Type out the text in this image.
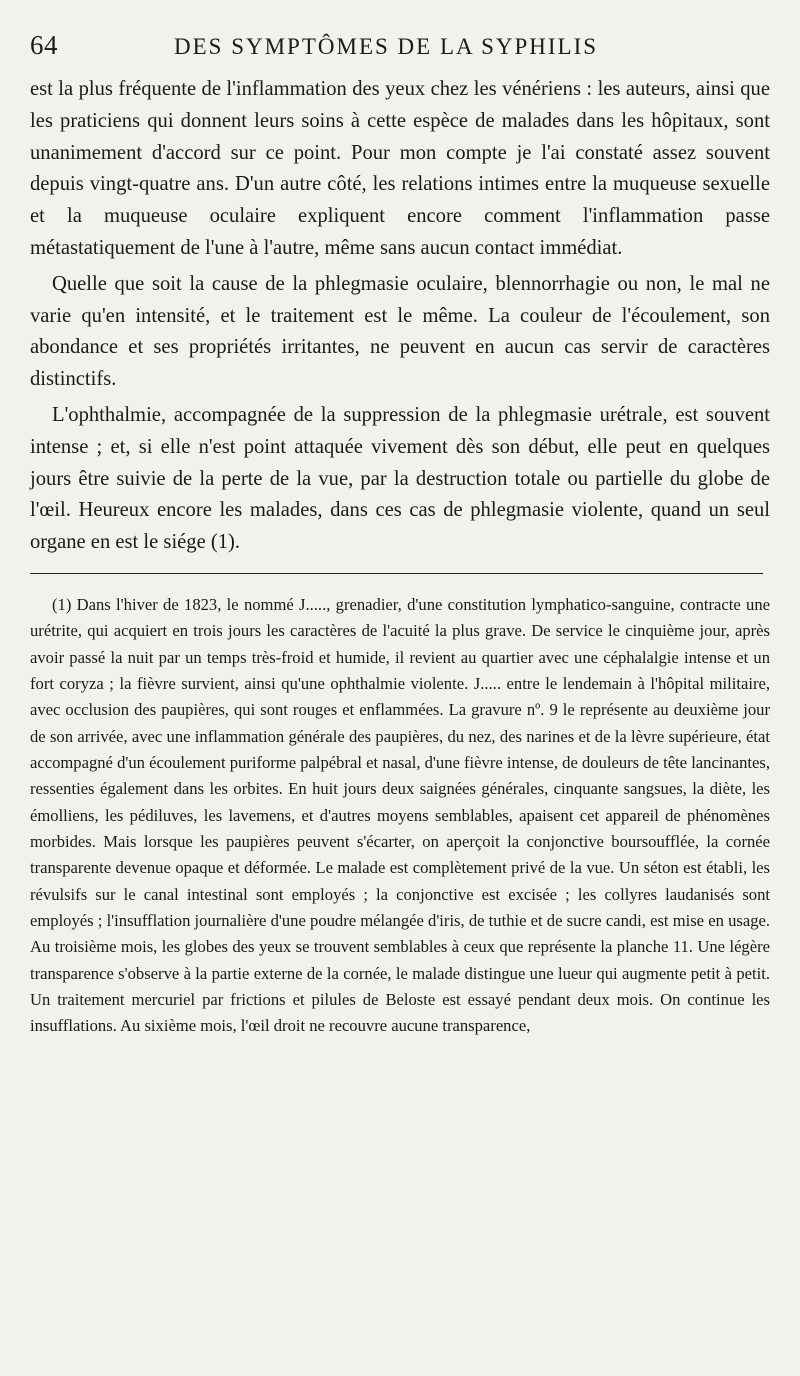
64	DES SYMPTÔMES DE LA SYPHILIS

est la plus fréquente de l'inflammation des yeux chez les vénériens : les auteurs, ainsi que les praticiens qui donnent leurs soins à cette espèce de malades dans les hôpitaux, sont unanimement d'accord sur ce point. Pour mon compte je l'ai constaté assez souvent depuis vingt-quatre ans. D'un autre côté, les relations intimes entre la muqueuse sexuelle et la muqueuse oculaire expliquent encore comment l'inflammation passe métastatiquement de l'une à l'autre, même sans aucun contact immédiat.

Quelle que soit la cause de la phlegmasie oculaire, blennorrhagie ou non, le mal ne varie qu'en intensité, et le traitement est le même. La couleur de l'écoulement, son abondance et ses propriétés irritantes, ne peuvent en aucun cas servir de caractères distinctifs.

L'ophthalmie, accompagnée de la suppression de la phlegmasie urétrale, est souvent intense ; et, si elle n'est point attaquée vivement dès son début, elle peut en quelques jours être suivie de la perte de la vue, par la destruction totale ou partielle du globe de l'œil. Heureux encore les malades, dans ces cas de phlegmasie violente, quand un seul organe en est le siége (1).

(1) Dans l'hiver de 1823, le nommé J....., grenadier, d'une constitution lymphatico-sanguine, contracte une urétrite, qui acquiert en trois jours les caractères de l'acuité la plus grave. De service le cinquième jour, après avoir passé la nuit par un temps très-froid et humide, il revient au quartier avec une céphalalgie intense et un fort coryza ; la fièvre survient, ainsi qu'une ophthalmie violente. J..... entre le lendemain à l'hôpital militaire, avec occlusion des paupières, qui sont rouges et enflammées. La gravure nº. 9 le représente au deuxième jour de son arrivée, avec une inflammation générale des paupières, du nez, des narines et de la lèvre supérieure, état accompagné d'un écoulement puriforme palpébral et nasal, d'une fièvre intense, de douleurs de tête lancinantes, ressenties également dans les orbites. En huit jours deux saignées générales, cinquante sangsues, la diète, les émolliens, les pédiluves, les lavemens, et d'autres moyens semblables, apaisent cet appareil de phénomènes morbides. Mais lorsque les paupières peuvent s'écarter, on aperçoit la conjonctive boursoufflée, la cornée transparente devenue opaque et déformée. Le malade est complètement privé de la vue. Un séton est établi, les révulsifs sur le canal intestinal sont employés ; la conjonctive est excisée ; les collyres laudanisés sont employés ; l'insufflation journalière d'une poudre mélangée d'iris, de tuthie et de sucre candi, est mise en usage. Au troisième mois, les globes des yeux se trouvent semblables à ceux que représente la planche 11. Une légère transparence s'observe à la partie externe de la cornée, le malade distingue une lueur qui augmente petit à petit. Un traitement mercuriel par frictions et pilules de Beloste est essayé pendant deux mois. On continue les insufflations. Au sixième mois, l'œil droit ne recouvre aucune transparence,
